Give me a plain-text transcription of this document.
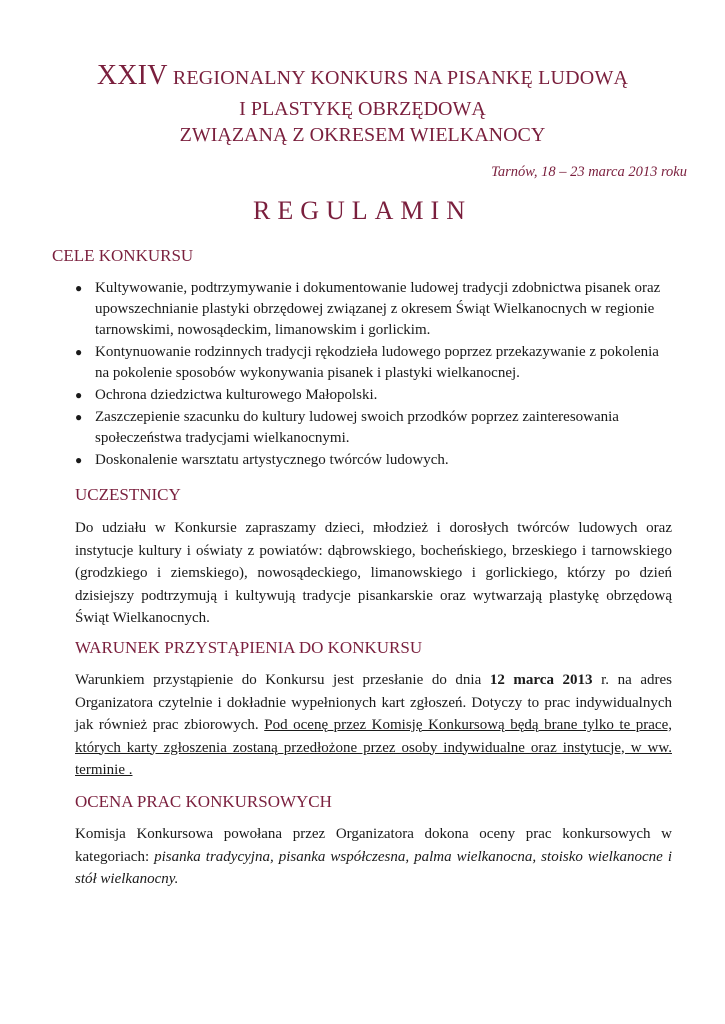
XXIV REGIONALNY KONKURS NA PISANKĘ LUDOWĄ
I PLASTYKĘ OBRZĘDOWĄ
ZWIĄZANĄ Z OKRESEM WIELKANOCY
Tarnów, 18 – 23 marca 2013 roku
REGULAMIN
CELE KONKURSU
● Kultywowanie, podtrzymywanie i dokumentowanie ludowej tradycji zdobnictwa pisanek oraz upowszechnianie plastyki obrzędowej związanej z okresem Świąt Wielkanocnych w regionie tarnowskimi, nowosądeckim, limanowskim i gorlickim.
● Kontynuowanie rodzinnych tradycji rękodzieła ludowego poprzez przekazywanie z pokolenia na pokolenie sposobów wykonywania pisanek i plastyki wielkanocnej.
● Ochrona dziedzictwa kulturowego Małopolski.
● Zaszczepienie szacunku do kultury ludowej swoich przodków poprzez zainteresowania społeczeństwa tradycjami wielkanocnymi.
● Doskonalenie warsztatu artystycznego twórców ludowych.
UCZESTNICY
Do udziału w Konkursie zapraszamy dzieci, młodzież i dorosłych twórców ludowych oraz instytucje kultury i oświaty z powiatów: dąbrowskiego, bocheńskiego, brzeskiego i tarnowskiego (grodzkiego i ziemskiego), nowosądeckiego, limanowskiego i gorlickiego, którzy po dzień dzisiejszy podtrzymują i kultywują tradycje pisankarskie oraz wytwarzają plastykę obrzędową Świąt Wielkanocnych.
WARUNEK PRZYSTĄPIENIA DO KONKURSU
Warunkiem przystąpienie do Konkursu jest przesłanie do dnia 12 marca 2013 r. na adres Organizatora czytelnie i dokładnie wypełnionych kart zgłoszeń. Dotyczy to prac indywidualnych jak również prac zbiorowych. Pod ocenę przez Komisję Konkursową będą brane tylko te prace, których karty zgłoszenia zostaną przedłożone przez osoby indywidualne oraz instytucje, w ww. terminie .
OCENA PRAC KONKURSOWYCH
Komisja Konkursowa powołana przez Organizatora dokona oceny prac konkursowych w kategoriach: pisanka tradycyjna, pisanka współczesna, palma wielkanocna, stoisko wielkanocne i stół wielkanocny.
